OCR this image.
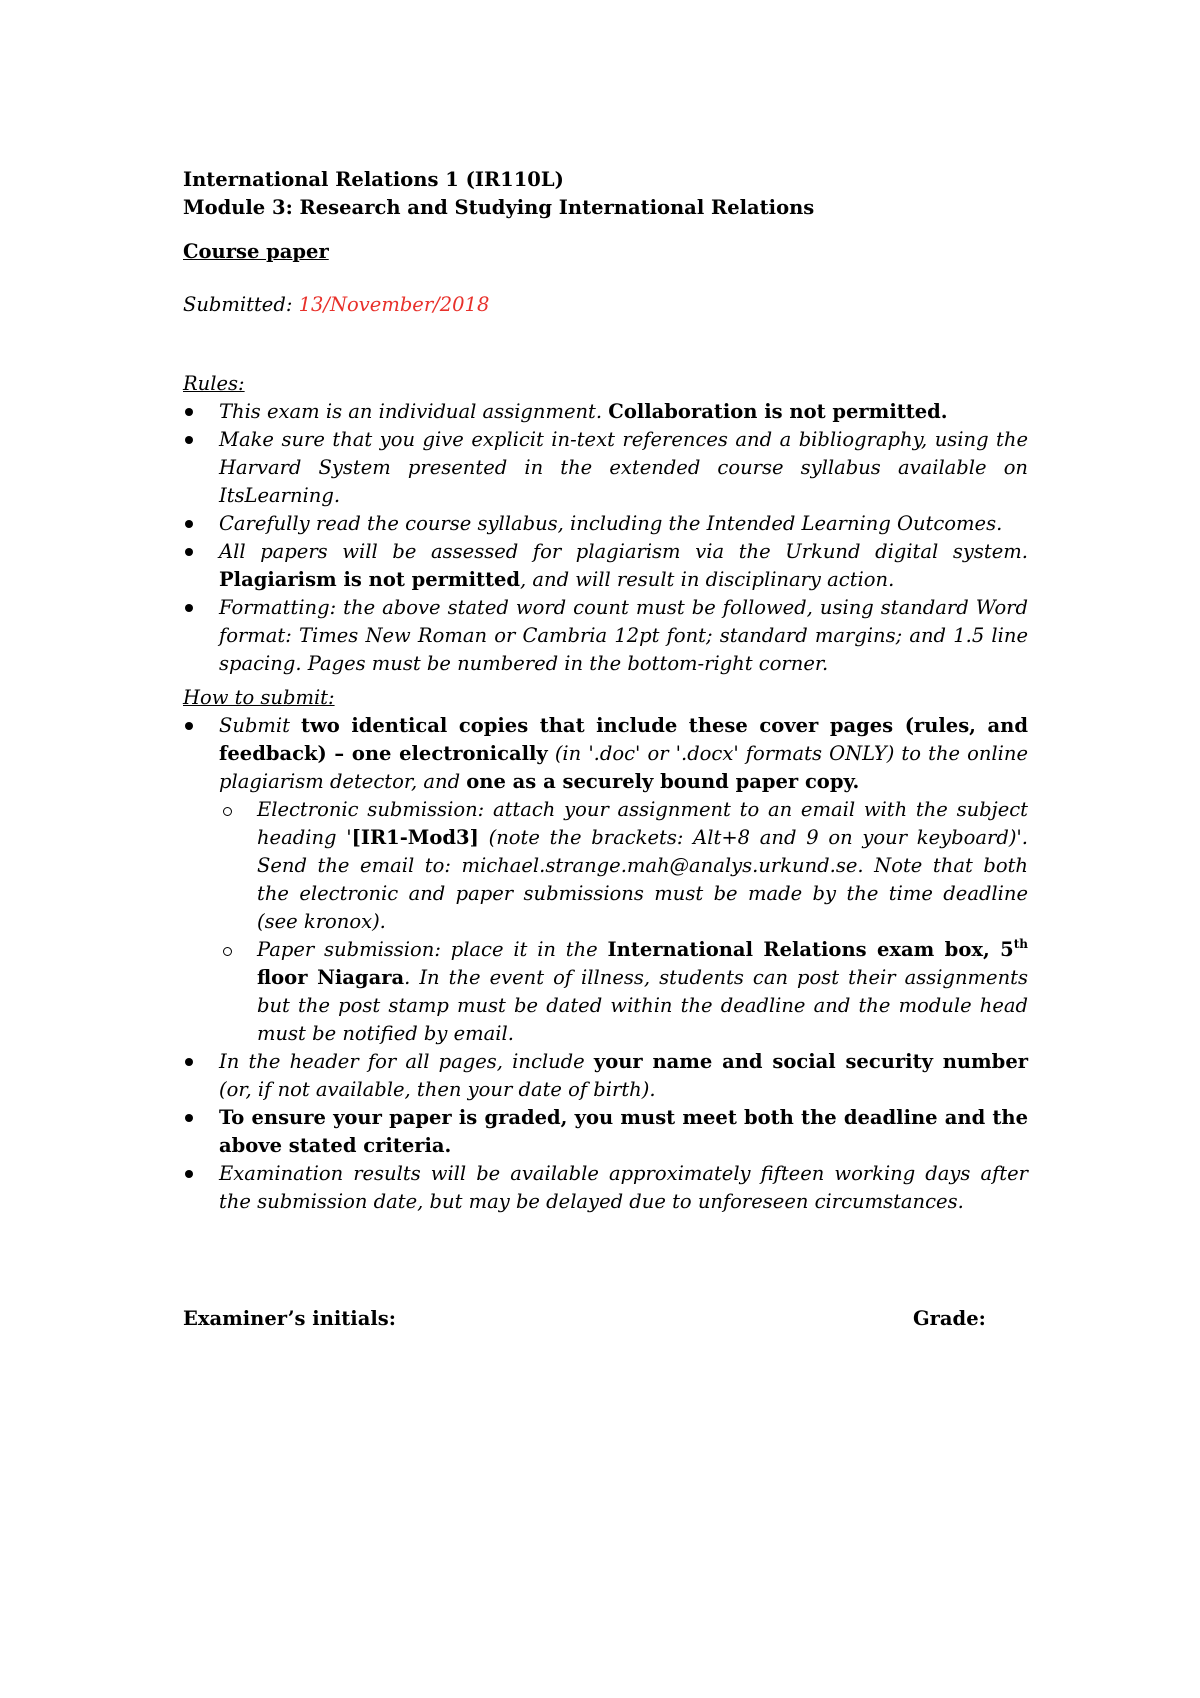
International Relations 1 (IR110L)
Module 3: Research and Studying International Relations
Course paper
Submitted: 13/November/2018
Rules:
This exam is an individual assignment. Collaboration is not permitted.
Make sure that you give explicit in-text references and a bibliography, using the Harvard System presented in the extended course syllabus available on ItsLearning.
Carefully read the course syllabus, including the Intended Learning Outcomes.
All papers will be assessed for plagiarism via the Urkund digital system. Plagiarism is not permitted, and will result in disciplinary action.
Formatting: the above stated word count must be followed, using standard Word format: Times New Roman or Cambria 12pt font; standard margins; and 1.5 line spacing. Pages must be numbered in the bottom-right corner.
How to submit:
Submit two identical copies that include these cover pages (rules, and feedback) – one electronically (in '.doc' or '.docx' formats ONLY) to the online plagiarism detector, and one as a securely bound paper copy.
Electronic submission: attach your assignment to an email with the subject heading '[IR1-Mod3] (note the brackets: Alt+8 and 9 on your keyboard)'. Send the email to: michael.strange.mah@analys.urkund.se. Note that both the electronic and paper submissions must be made by the time deadline (see kronox).
Paper submission: place it in the International Relations exam box, 5th floor Niagara. In the event of illness, students can post their assignments but the post stamp must be dated within the deadline and the module head must be notified by email.
In the header for all pages, include your name and social security number (or, if not available, then your date of birth).
To ensure your paper is graded, you must meet both the deadline and the above stated criteria.
Examination results will be available approximately fifteen working days after the submission date, but may be delayed due to unforeseen circumstances.
Examiner’s initials:	Grade:
